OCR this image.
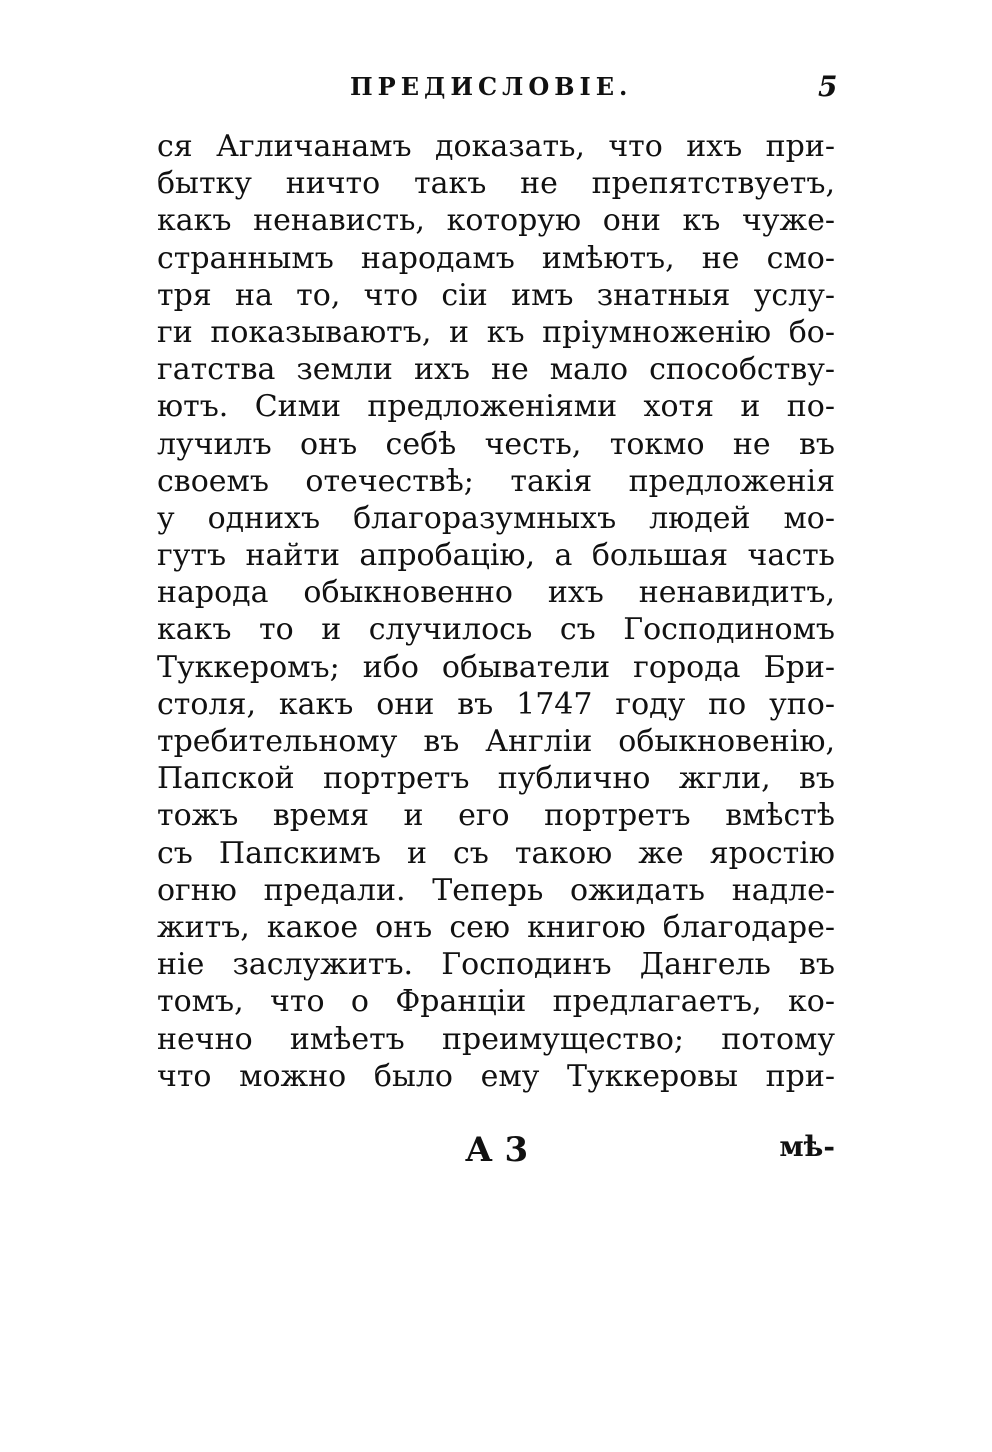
ПРЕДИСЛОВІЕ.	5
ся Агличанамъ доказать, что ихъ при-
бытку ничто такъ не препятствуетъ,
какъ ненависть, которую они къ чуже-
страннымъ народамъ имѣютъ, не смо-
тря на то, что сіи имъ знатныя услу-
ги показываютъ, и къ пріумноженію бо-
гатства земли ихъ не мало способству-
ютъ. Сими предложеніями хотя и по-
лучилъ онъ себѣ честь, токмо не въ
своемъ отечествѣ; такія предложенія
у однихъ благоразумныхъ людей мо-
гутъ найти апробацію, а большая часть
народа обыкновенно ихъ ненавидитъ,
какъ то и случилось съ Господиномъ
Туккеромъ; ибо обыватели города Бри-
столя, какъ они въ 1747 году по упо-
требительному въ Англіи обыкновенію,
Папской портретъ публично жгли, въ
тожъ время и его портретъ вмѣстѣ
съ Папскимъ и съ такою же яростію
огню предали. Теперь ожидать надле-
житъ, какое онъ сею книгою благодаре-
ніе заслужитъ. Господинъ Дангель въ
томъ, что о Франціи предлагаетъ, ко-
нечно имѣетъ преимущество; потому
что можно было ему Туккеровы при-
А 3	мѣ-
